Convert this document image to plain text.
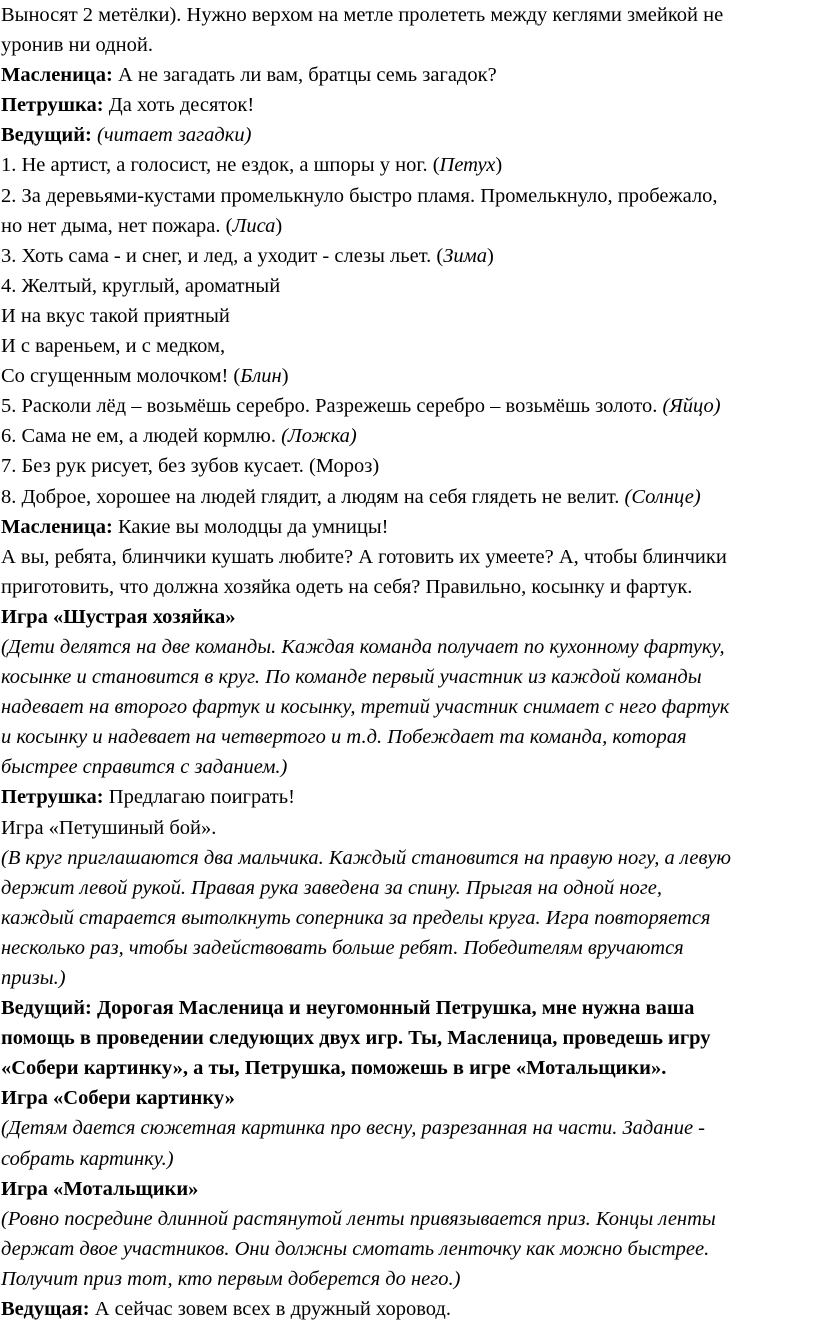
Выносят 2 метёлки). Нужно верхом на метле пролететь между кеглями змейкой не
уронив ни одной.
Масленица: А не загадать ли вам, братцы семь загадок?
Петрушка: Да хоть десяток!
Ведущий: (читает загадки)
1. Не артист, а голосист, не ездок, а шпоры у ног. (Петух)
2. За деревьями-кустами промелькнуло быстро пламя. Промелькнуло, пробежало,
но нет дыма, нет пожара. (Лиса)
3. Хоть сама - и снег, и лед, а уходит - слезы льет. (Зима)
4. Желтый, круглый, ароматный
И на вкус такой приятный
И с вареньем, и с медком,
Со сгущенным молочком! (Блин)
5. Расколи лёд – возьмёшь серебро. Разрежешь серебро – возьмёшь золото. (Яйцо)
6. Сама не ем, а людей кормлю. (Ложка)
7. Без рук рисует, без зубов кусает. (Мороз)
8. Доброе, хорошее на людей глядит, а людям на себя глядеть не велит. (Солнце)
Масленица: Какие вы молодцы да умницы!
А вы, ребята, блинчики кушать любите? А готовить их умеете? А, чтобы блинчики
приготовить, что должна хозяйка одеть на себя? Правильно, косынку и фартук.
Игра «Шустрая хозяйка»
(Дети делятся на две команды. Каждая команда получает по кухонному фартуку,
косынке и становится в круг. По команде первый участник из каждой команды
надевает на второго фартук и косынку, третий участник снимает с него фартук
и косынку и надевает на четвертого и т.д. Побеждает та команда, которая
быстрее справится с заданием.)
Петрушка: Предлагаю поиграть!
Игра «Петушиный бой».
(В круг приглашаются два мальчика. Каждый становится на правую ногу, а левую
держит левой рукой. Правая рука заведена за спину. Прыгая на одной ноге,
каждый старается вытолкнуть соперника за пределы круга. Игра повторяется
несколько раз, чтобы задействовать больше ребят. Победителям вручаются
призы.)
Ведущий: Дорогая Масленица и неугомонный Петрушка, мне нужна ваша
помощь в проведении следующих двух игр. Ты, Масленица, проведешь игру
«Собери картинку», а ты, Петрушка, поможешь в игре «Мотальщики».
Игра «Собери картинку»
(Детям дается сюжетная картинка про весну, разрезанная на части. Задание -
собрать картинку.)
Игра «Мотальщики»
(Ровно посредине длинной растянутой ленты привязывается приз. Концы ленты
держат двое участников. Они должны смотать ленточку как можно быстрее.
Получит приз тот, кто первым доберется до него.)
Ведущая: А сейчас зовем всех в дружный хоровод.
